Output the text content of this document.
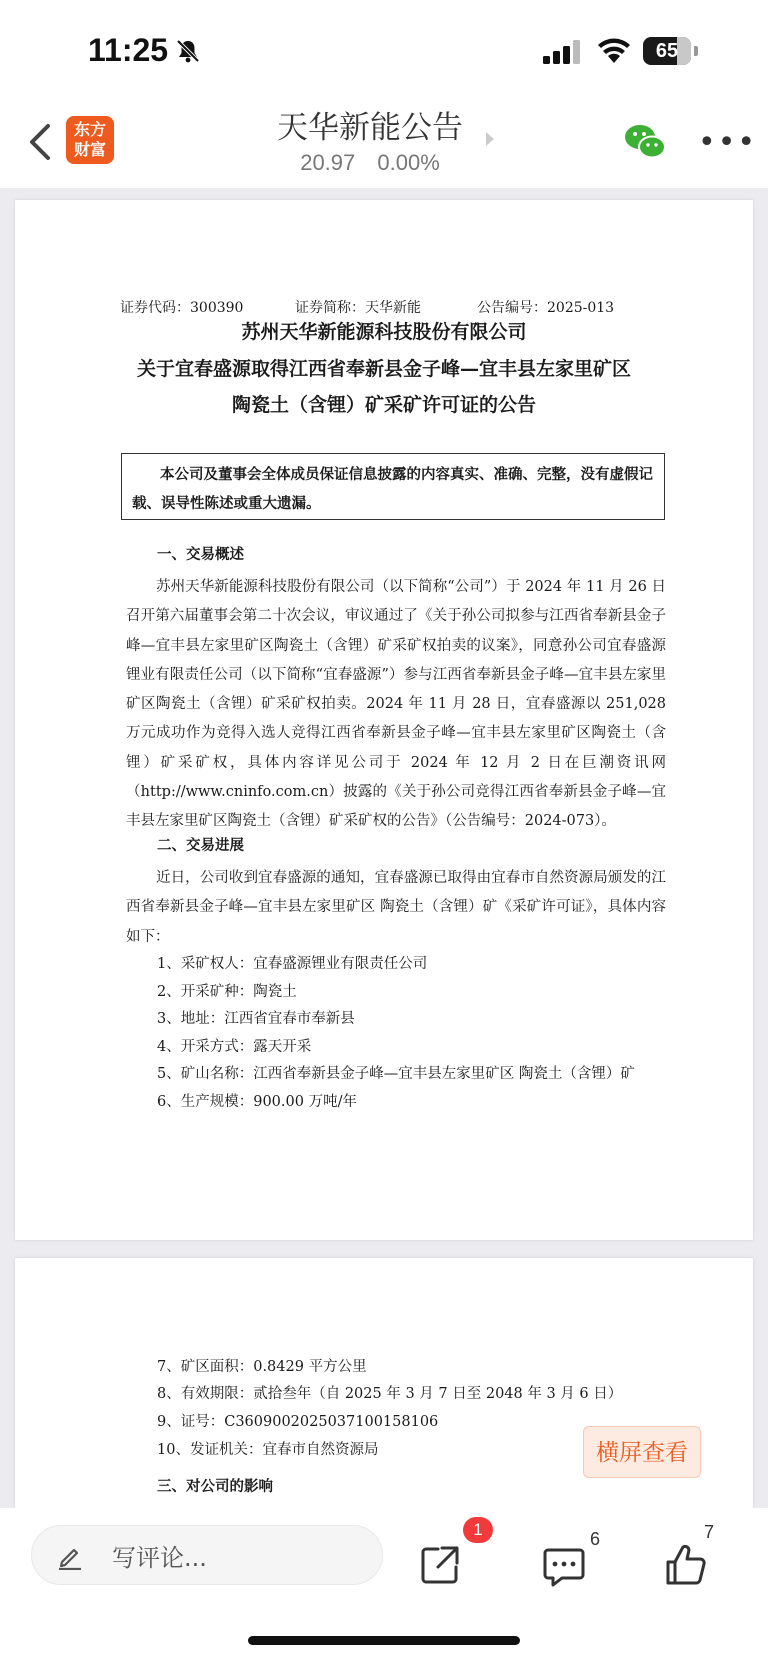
11:25	65
东方
财富
天华新能公告
20.97 0.00%
•••
证券代码：300390	证券简称：天华新能	公告编号：2025-013
苏州天华新能源科技股份有限公司
关于宜春盛源取得江西省奉新县金子峰—宜丰县左家里矿区
陶瓷土（含锂）矿采矿许可证的公告
本公司及董事会全体成员保证信息披露的内容真实、准确、完整，没有虚假记载、误导性陈述或重大遗漏。
一、交易概述
苏州天华新能源科技股份有限公司（以下简称“公司”）于 2024 年 11 月 26 日召开第六届董事会第二十次会议，审议通过了《关于孙公司拟参与江西省奉新县金子峰—宜丰县左家里矿区陶瓷土（含锂）矿采矿权拍卖的议案》，同意孙公司宜春盛源锂业有限责任公司（以下简称“宜春盛源”）参与江西省奉新县金子峰—宜丰县左家里矿区陶瓷土（含锂）矿采矿权拍卖。2024 年 11 月 28 日，宜春盛源以 251,028 万元成功作为竞得入选人竞得江西省奉新县金子峰—宜丰县左家里矿区陶瓷土（含锂）矿采矿权，具体内容详见公司于 2024 年 12 月 2 日在巨潮资讯网（http://www.cninfo.com.cn）披露的《关于孙公司竞得江西省奉新县金子峰—宜丰县左家里矿区陶瓷土（含锂）矿采矿权的公告》（公告编号：2024-073）。
二、交易进展
近日，公司收到宜春盛源的通知，宜春盛源已取得由宜春市自然资源局颁发的江西省奉新县金子峰—宜丰县左家里矿区 陶瓷土（含锂）矿《采矿许可证》，具体内容如下：
1、采矿权人：宜春盛源锂业有限责任公司
2、开采矿种：陶瓷土
3、地址：江西省宜春市奉新县
4、开采方式：露天开采
5、矿山名称：江西省奉新县金子峰—宜丰县左家里矿区 陶瓷土（含锂）矿
6、生产规模：900.00 万吨/年
7、矿区面积：0.8429 平方公里
8、有效期限：贰拾叁年（自 2025 年 3 月 7 日至 2048 年 3 月 6 日）
9、证号：C3609002025037100158106
10、发证机关：宜春市自然资源局
三、对公司的影响
横屏查看
写评论...
1	6	7
